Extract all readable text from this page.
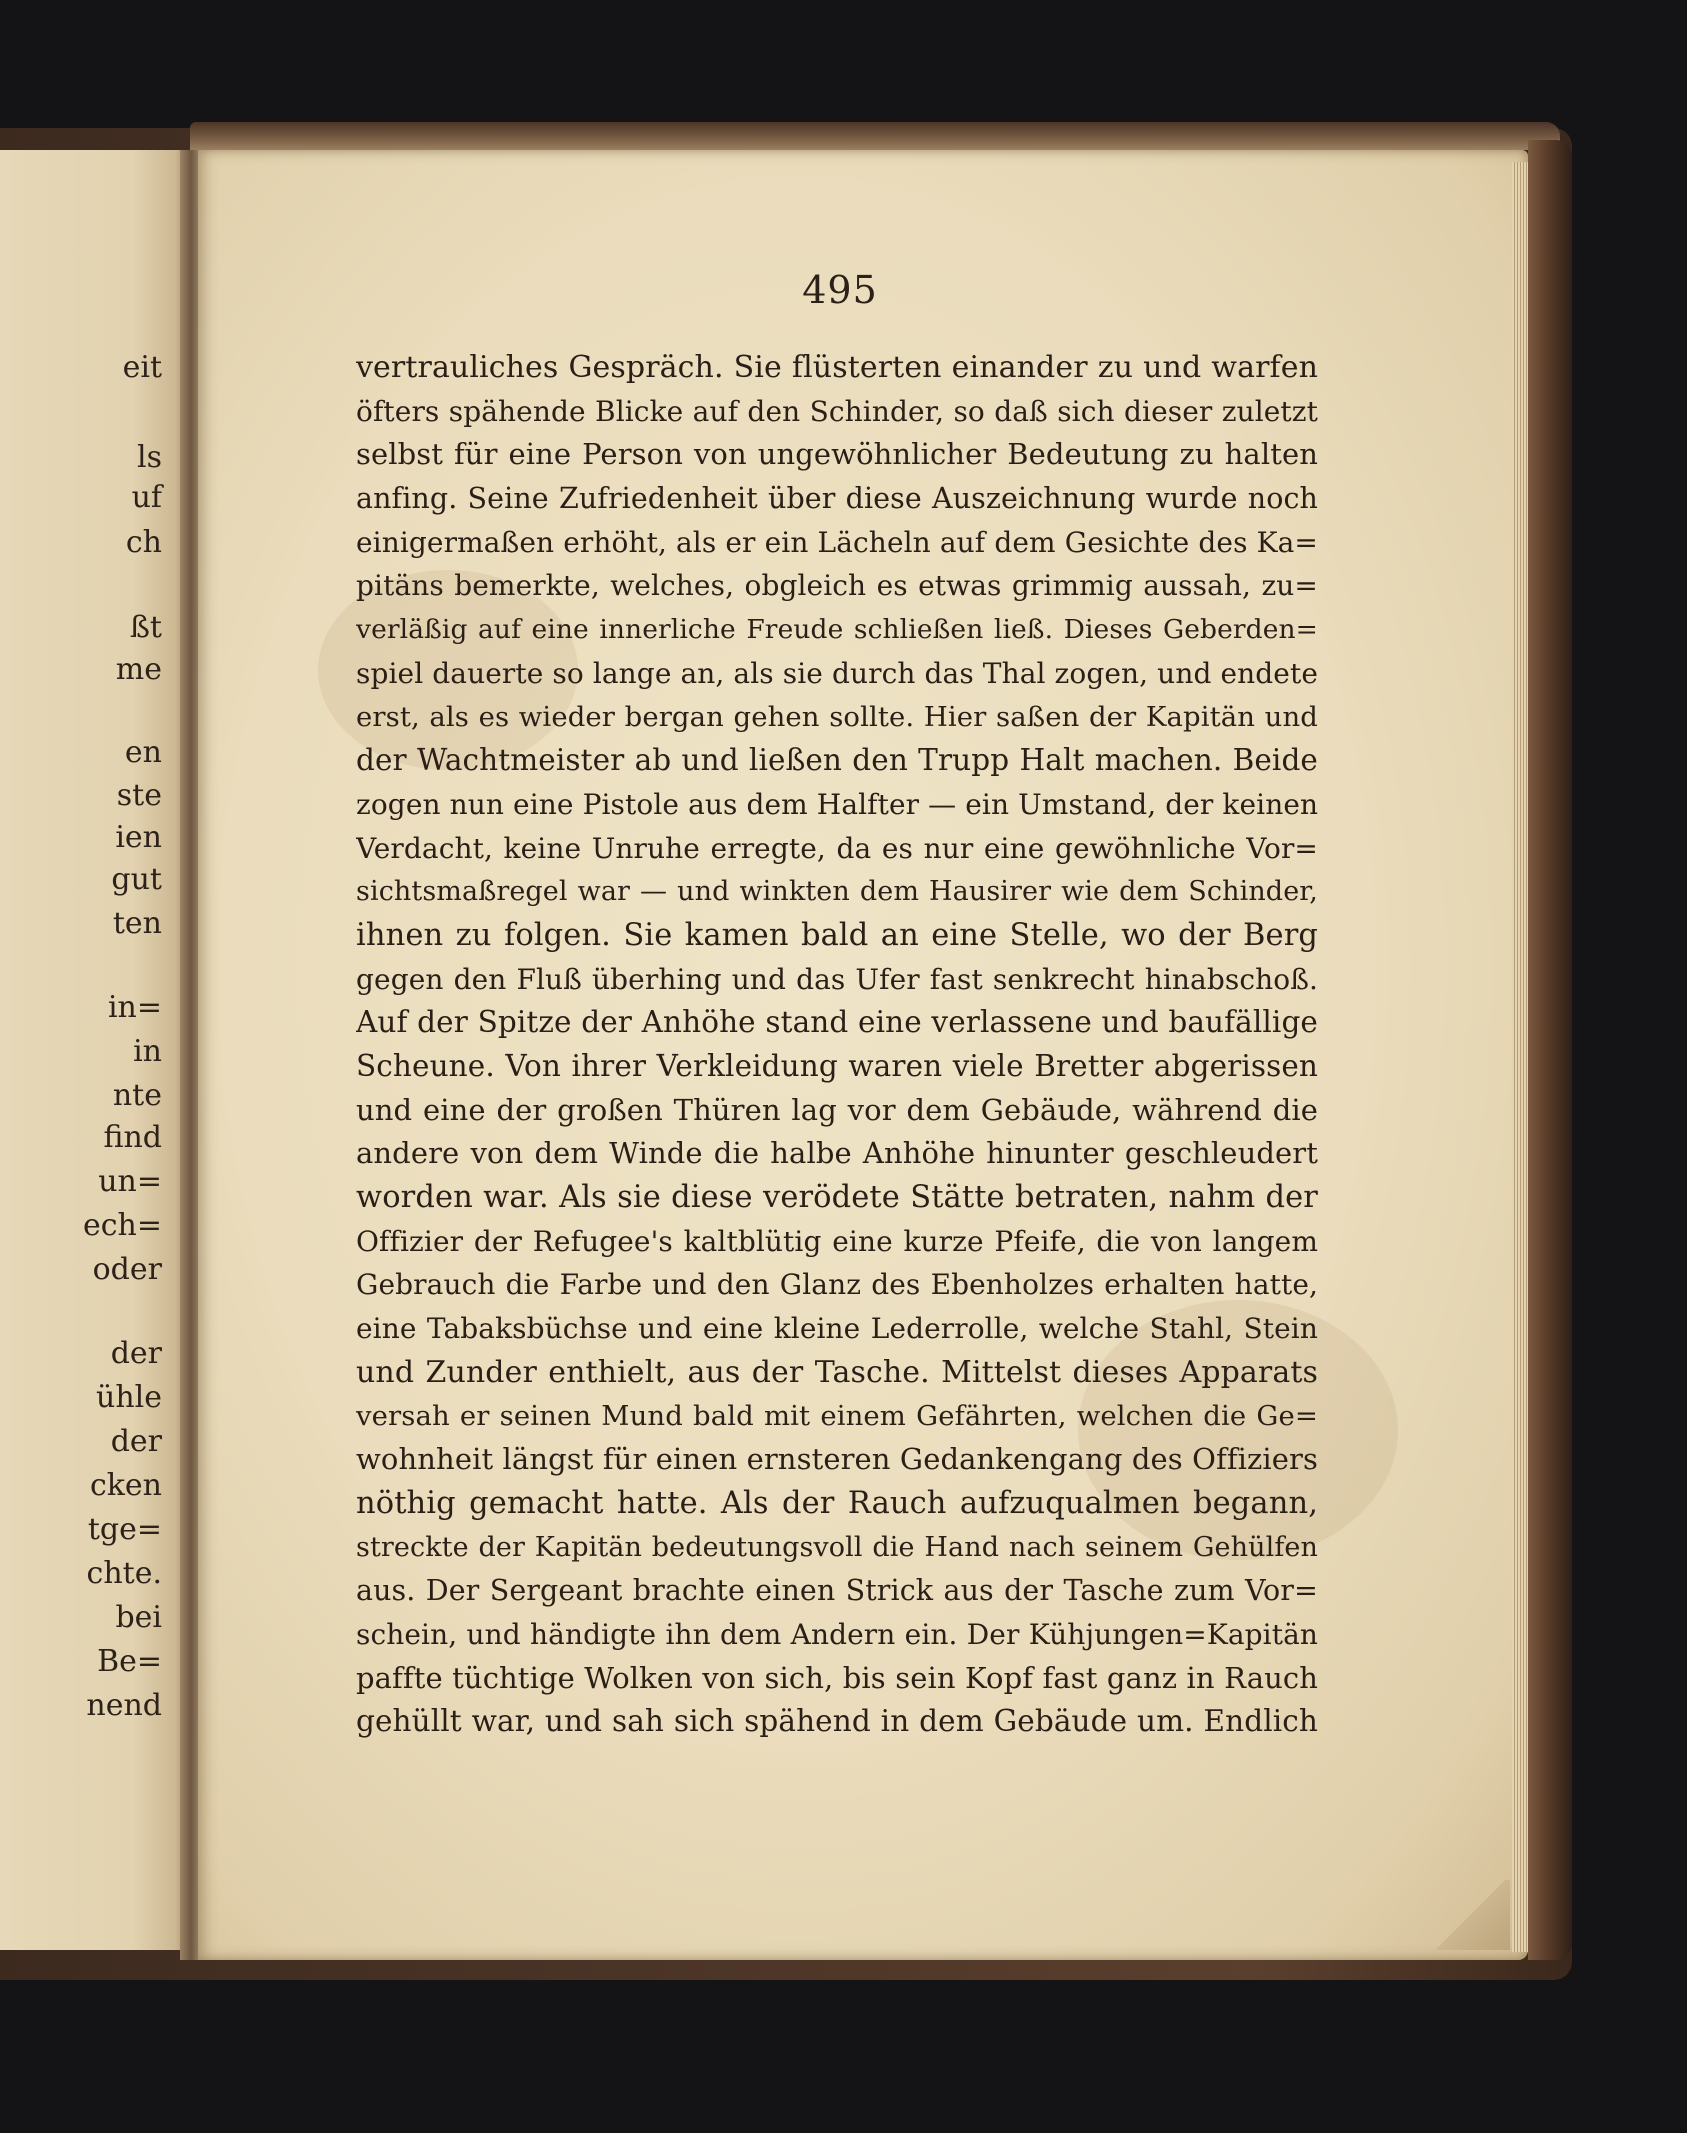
eit
ls
uf
ch
ßt
me
en
ste
ien
gut
ten
in=
in
nte
find
un=
ech=
oder
der
ühle
der
cken
tge=
chte.
bei
Be=
nend
495
vertrauliches Gespräch. Sie flüsterten einander zu und warfen
öfters spähende Blicke auf den Schinder, so daß sich dieser zuletzt
selbst für eine Person von ungewöhnlicher Bedeutung zu halten
anfing. Seine Zufriedenheit über diese Auszeichnung wurde noch
einigermaßen erhöht, als er ein Lächeln auf dem Gesichte des Ka=
pitäns bemerkte, welches, obgleich es etwas grimmig aussah, zu=
verläßig auf eine innerliche Freude schließen ließ. Dieses Geberden=
spiel dauerte so lange an, als sie durch das Thal zogen, und endete
erst, als es wieder bergan gehen sollte. Hier saßen der Kapitän und
der Wachtmeister ab und ließen den Trupp Halt machen. Beide
zogen nun eine Pistole aus dem Halfter — ein Umstand, der keinen
Verdacht, keine Unruhe erregte, da es nur eine gewöhnliche Vor=
sichtsmaßregel war — und winkten dem Hausirer wie dem Schinder,
ihnen zu folgen. Sie kamen bald an eine Stelle, wo der Berg
gegen den Fluß überhing und das Ufer fast senkrecht hinabschoß.
Auf der Spitze der Anhöhe stand eine verlassene und baufällige
Scheune. Von ihrer Verkleidung waren viele Bretter abgerissen
und eine der großen Thüren lag vor dem Gebäude, während die
andere von dem Winde die halbe Anhöhe hinunter geschleudert
worden war. Als sie diese verödete Stätte betraten, nahm der
Offizier der Refugee's kaltblütig eine kurze Pfeife, die von langem
Gebrauch die Farbe und den Glanz des Ebenholzes erhalten hatte,
eine Tabaksbüchse und eine kleine Lederrolle, welche Stahl, Stein
und Zunder enthielt, aus der Tasche. Mittelst dieses Apparats
versah er seinen Mund bald mit einem Gefährten, welchen die Ge=
wohnheit längst für einen ernsteren Gedankengang des Offiziers
nöthig gemacht hatte. Als der Rauch aufzuqualmen begann,
streckte der Kapitän bedeutungsvoll die Hand nach seinem Gehülfen
aus. Der Sergeant brachte einen Strick aus der Tasche zum Vor=
schein, und händigte ihn dem Andern ein. Der Kühjungen=Kapitän
paffte tüchtige Wolken von sich, bis sein Kopf fast ganz in Rauch
gehüllt war, und sah sich spähend in dem Gebäude um. Endlich
